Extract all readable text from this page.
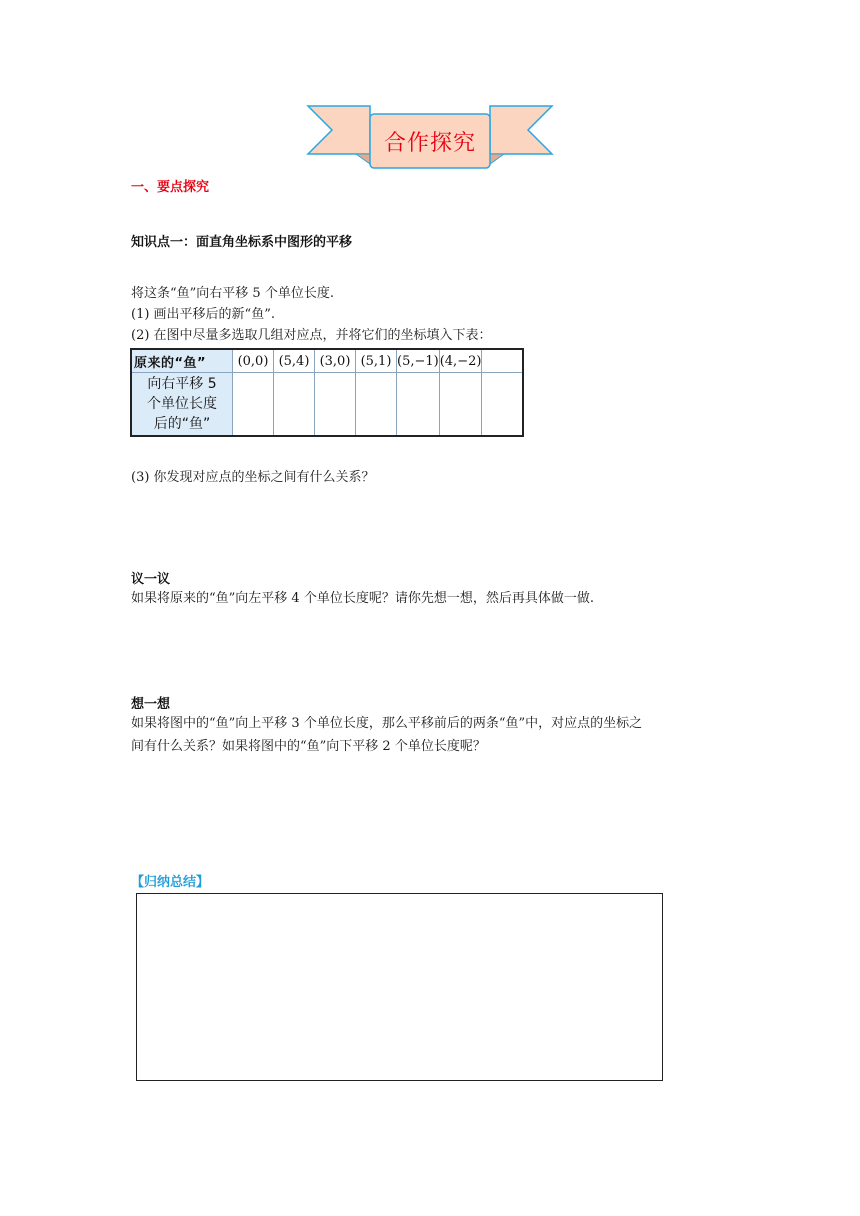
合作探究
一、要点探究
知识点一：面直角坐标系中图形的平移
将这条“鱼”向右平移 5 个单位长度.
(1) 画出平移后的新“鱼”.
(2) 在图中尽量多选取几组对应点，并将它们的坐标填入下表：
原来的“鱼”	(0,0)	(5,4)	(3,0)	(5,1)	(5,−1)	(4,−2)	

向右平移 5
个单位长度
后的“鱼”							

(3) 你发现对应点的坐标之间有什么关系？
议一议
如果将原来的“鱼”向左平移 4 个单位长度呢？请你先想一想，然后再具体做一做.
想一想
如果将图中的“鱼”向上平移 3 个单位长度，那么平移前后的两条“鱼”中，对应点的坐标之
间有什么关系？如果将图中的“鱼”向下平移 2 个单位长度呢？
【归纳总结】
